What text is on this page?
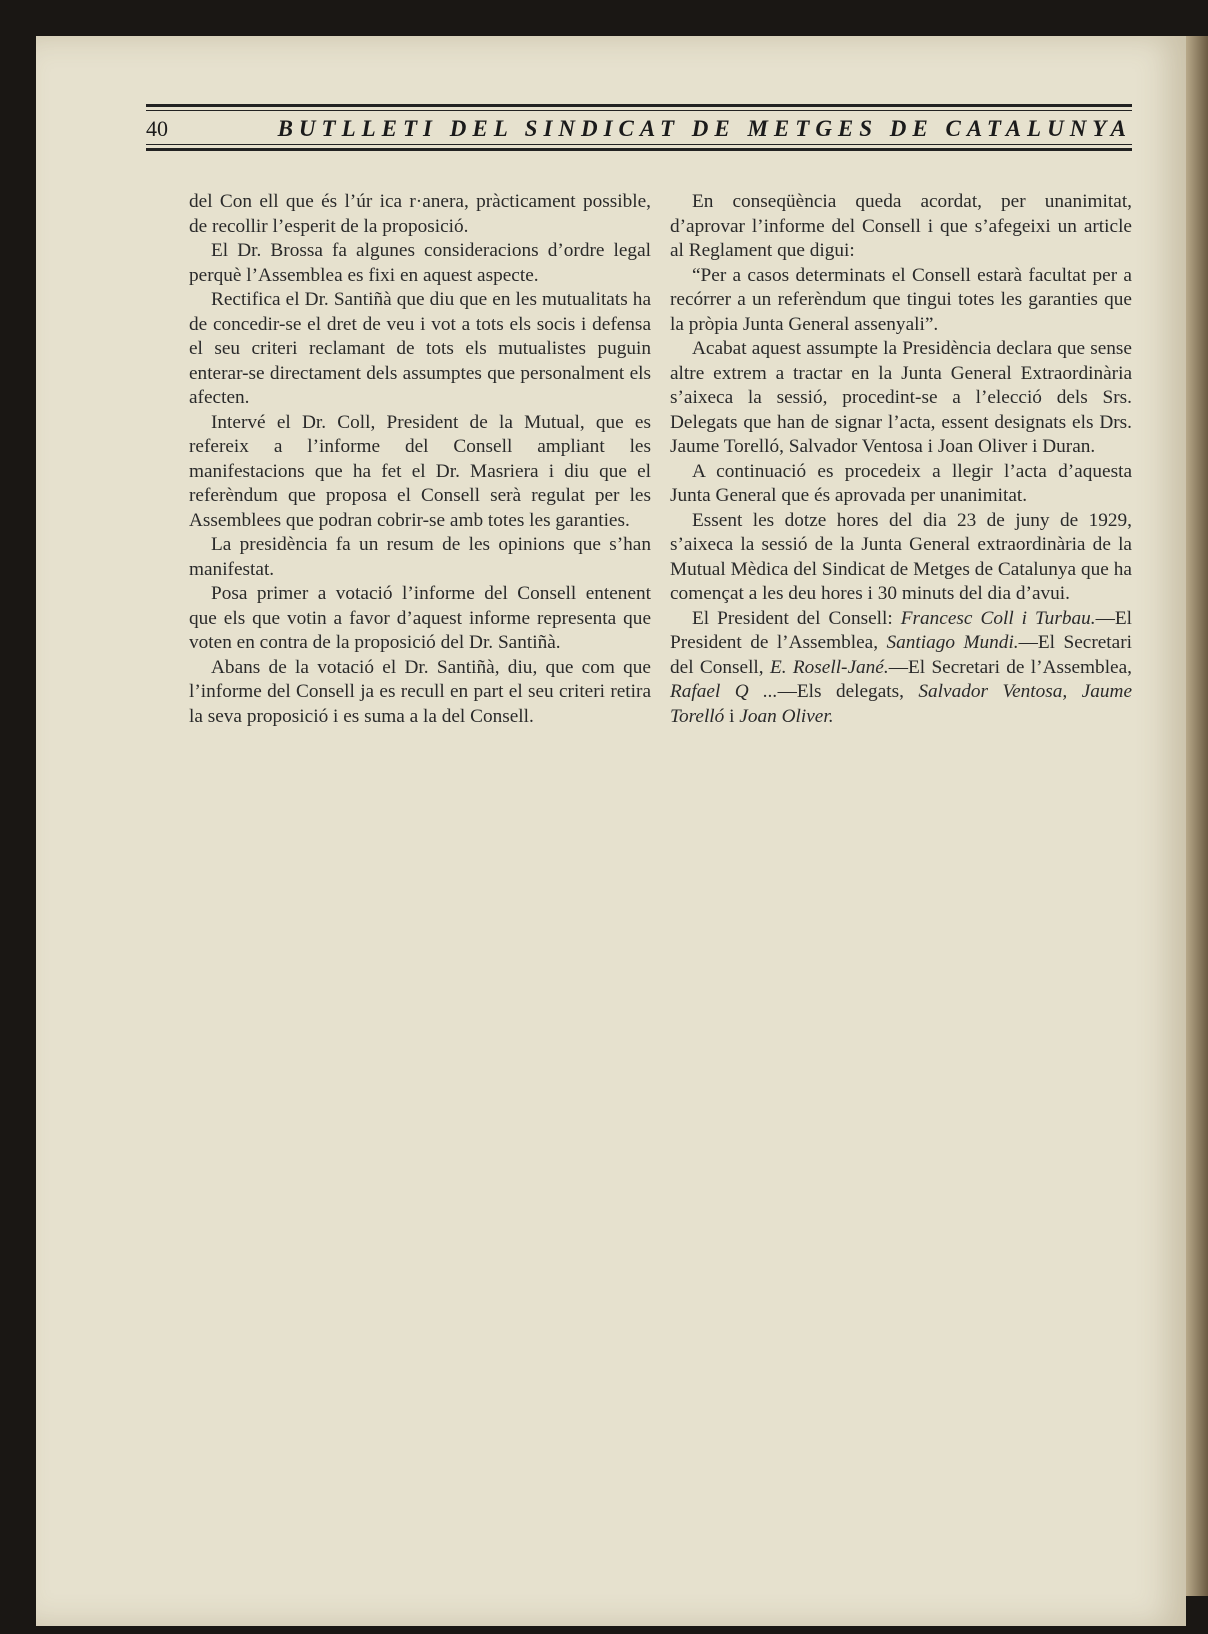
40	BUTLLETI DEL SINDICAT DE METGES DE CATALUNYA

del Con ell que és l’úr ica r·anera, pràcticament possible, de recollir l’esperit de la proposició.

El Dr. Brossa fa algunes consideracions d’ordre legal perquè l’Assemblea es fixi en aquest aspecte.

Rectifica el Dr. Santiñà que diu que en les mutualitats ha de concedir-se el dret de veu i vot a tots els socis i defensa el seu criteri reclamant de tots els mutualistes puguin enterar-se directament dels assumptes que personalment els afecten.

Intervé el Dr. Coll, President de la Mutual, que es refereix a l’informe del Consell ampliant les manifestacions que ha fet el Dr. Masriera i diu que el referèndum que proposa el Consell serà regulat per les Assemblees que podran cobrir-se amb totes les garanties.

La presidència fa un resum de les opinions que s’han manifestat.

Posa primer a votació l’informe del Consell entenent que els que votin a favor d’aquest informe representa que voten en contra de la proposició del Dr. Santiñà.

Abans de la votació el Dr. Santiñà, diu, que com que l’informe del Consell ja es recull en part el seu criteri retira la seva proposició i es suma a la del Consell.

En conseqüència queda acordat, per unanimitat, d’aprovar l’informe del Consell i que s’afegeixi un article al Reglament que digui:

“Per a casos determinats el Consell estarà facultat per a recórrer a un referèndum que tingui totes les garanties que la pròpia Junta General assenyali”.

Acabat aquest assumpte la Presidència declara que sense altre extrem a tractar en la Junta General Extraordinària s’aixeca la sessió, procedint-se a l’elecció dels Srs. Delegats que han de signar l’acta, essent designats els Drs. Jaume Torelló, Salvador Ventosa i Joan Oliver i Duran.

A continuació es procedeix a llegir l’acta d’aquesta Junta General que és aprovada per unanimitat.

Essent les dotze hores del dia 23 de juny de 1929, s’aixeca la sessió de la Junta General extraordinària de la Mutual Mèdica del Sindicat de Metges de Catalunya que ha començat a les deu hores i 30 minuts del dia d’avui.

El President del Consell: Francesc Coll i Turbau.—El President de l’Assemblea, Santiago Mundi.—El Secretari del Consell, E. Rosell-Jané.—El Secretari de l’Assemblea, Rafael Q ...—Els delegats, Salvador Ventosa, Jaume Torelló i Joan Oliver.
